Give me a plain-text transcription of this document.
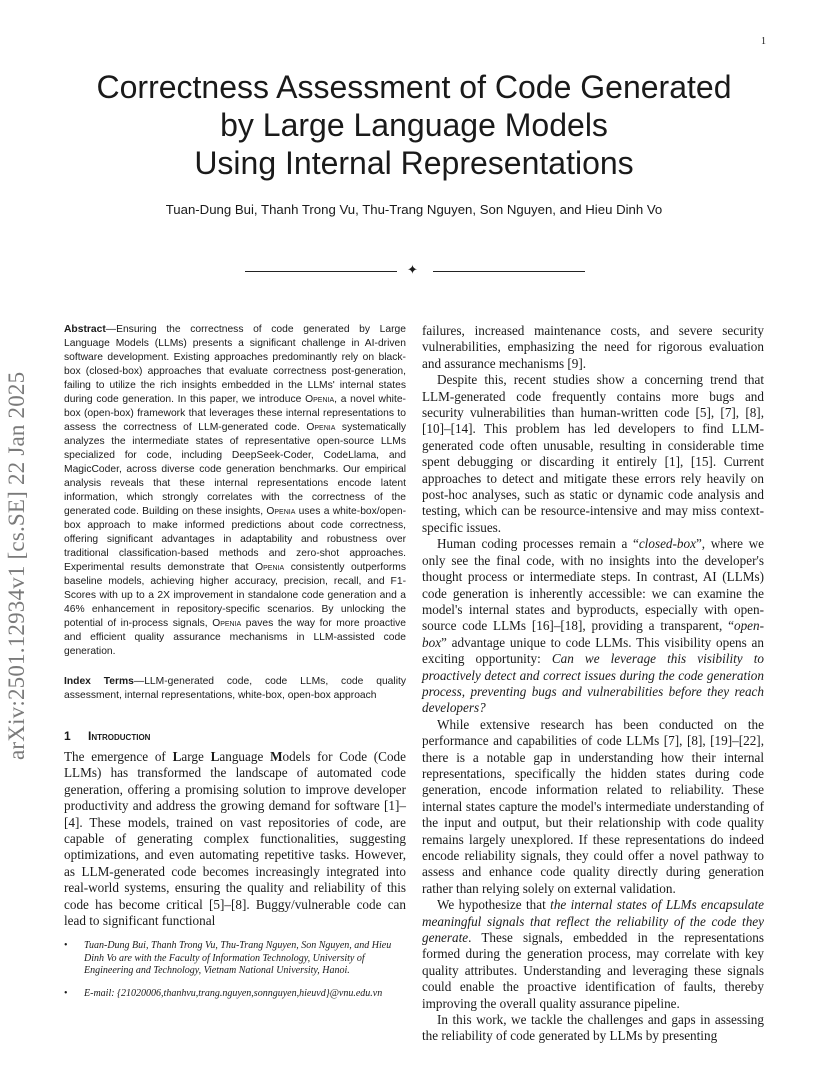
1
arXiv:2501.12934v1 [cs.SE] 22 Jan 2025
Correctness Assessment of Code Generated
by Large Language Models
Using Internal Representations
Tuan-Dung Bui, Thanh Trong Vu, Thu-Trang Nguyen, Son Nguyen, and Hieu Dinh Vo
✦

Abstract—Ensuring the correctness of code generated by Large Language Models (LLMs) presents a significant challenge in AI-driven software development. Existing approaches predominantly rely on black-box (closed-box) approaches that evaluate correctness post-generation, failing to utilize the rich insights embedded in the LLMs' internal states during code generation. In this paper, we introduce Openia, a novel white-box (open-box) framework that leverages these internal representations to assess the correctness of LLM-generated code. Openia systematically analyzes the intermediate states of representative open-source LLMs specialized for code, including DeepSeek-Coder, CodeLlama, and MagicCoder, across diverse code generation benchmarks. Our empirical analysis reveals that these internal representations encode latent information, which strongly correlates with the correctness of the generated code. Building on these insights, Openia uses a white-box/open-box approach to make informed predictions about code correctness, offering significant advantages in adaptability and robustness over traditional classification-based methods and zero-shot approaches. Experimental results demonstrate that Openia consistently outperforms baseline models, achieving higher accuracy, precision, recall, and F1-Scores with up to a 2X improvement in standalone code generation and a 46% enhancement in repository-specific scenarios. By unlocking the potential of in-process signals, Openia paves the way for more proactive and efficient quality assurance mechanisms in LLM-assisted code generation.

Index Terms—LLM-generated code, code LLMs, code quality assessment, internal representations, white-box, open-box approach

1 Introduction

The emergence of Large Language Models for Code (Code LLMs) has transformed the landscape of automated code generation, offering a promising solution to improve developer productivity and address the growing demand for software [1]–[4]. These models, trained on vast repositories of code, are capable of generating complex functionalities, suggesting optimizations, and even automating repetitive tasks. However, as LLM-generated code becomes increasingly integrated into real-world systems, ensuring the quality and reliability of this code has become critical [5]–[8]. Buggy/vulnerable code can lead to significant functional

• Tuan-Dung Bui, Thanh Trong Vu, Thu-Trang Nguyen, Son Nguyen, and Hieu Dinh Vo are with the Faculty of Information Technology, University of Engineering and Technology, Vietnam National University, Hanoi.

• E-mail: {21020006,thanhvu,trang.nguyen,sonnguyen,hieuvd}@vnu.edu.vn

failures, increased maintenance costs, and severe security vulnerabilities, emphasizing the need for rigorous evaluation and assurance mechanisms [9].

Despite this, recent studies show a concerning trend that LLM-generated code frequently contains more bugs and security vulnerabilities than human-written code [5], [7], [8], [10]–[14]. This problem has led developers to find LLM-generated code often unusable, resulting in considerable time spent debugging or discarding it entirely [1], [15]. Current approaches to detect and mitigate these errors rely heavily on post-hoc analyses, such as static or dynamic code analysis and testing, which can be resource-intensive and may miss context-specific issues.

Human coding processes remain a “closed-box”, where we only see the final code, with no insights into the developer's thought process or intermediate steps. In contrast, AI (LLMs) code generation is inherently accessible: we can examine the model's internal states and byproducts, especially with open-source code LLMs [16]–[18], providing a transparent, “open-box” advantage unique to code LLMs. This visibility opens an exciting opportunity: Can we leverage this visibility to proactively detect and correct issues during the code generation process, preventing bugs and vulnerabilities before they reach developers?

While extensive research has been conducted on the performance and capabilities of code LLMs [7], [8], [19]–[22], there is a notable gap in understanding how their internal representations, specifically the hidden states during code generation, encode information related to reliability. These internal states capture the model's intermediate understanding of the input and output, but their relationship with code quality remains largely unexplored. If these representations do indeed encode reliability signals, they could offer a novel pathway to assess and enhance code quality directly during generation rather than relying solely on external validation.

We hypothesize that the internal states of LLMs encapsulate meaningful signals that reflect the reliability of the code they generate. These signals, embedded in the representations formed during the generation process, may correlate with key quality attributes. Understanding and leveraging these signals could enable the proactive identification of faults, thereby improving the overall quality assurance pipeline.

In this work, we tackle the challenges and gaps in assessing the reliability of code generated by LLMs by presenting
